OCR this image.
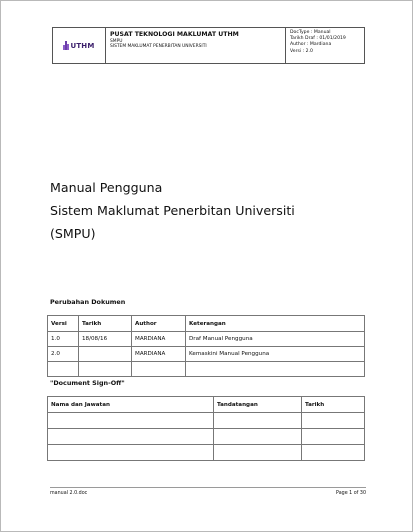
UTHM
PUSAT TEKNOLOGI MAKLUMAT UTHM
SMPU
SISTEM MAKLUMAT PENERBITAN UNIVERSITI
DocType : Manual
Tarikh Draf : 01/01/2019
Author : Mardiana
Versi : 2.0
Manual Pengguna
Sistem Maklumat Penerbitan Universiti
(SMPU)
Perubahan Dokumen
Versi	Tarikh	Author	Keterangan
1.0	18/08/16	MARDIANA	Draf Manual Pengguna
2.0		MARDIANA	Kemaskini Manual Pengguna

"Document Sign-Off"
Nama dan Jawatan	Tandatangan	Tarikh

manual 2.0.doc	Page 1 of 30
